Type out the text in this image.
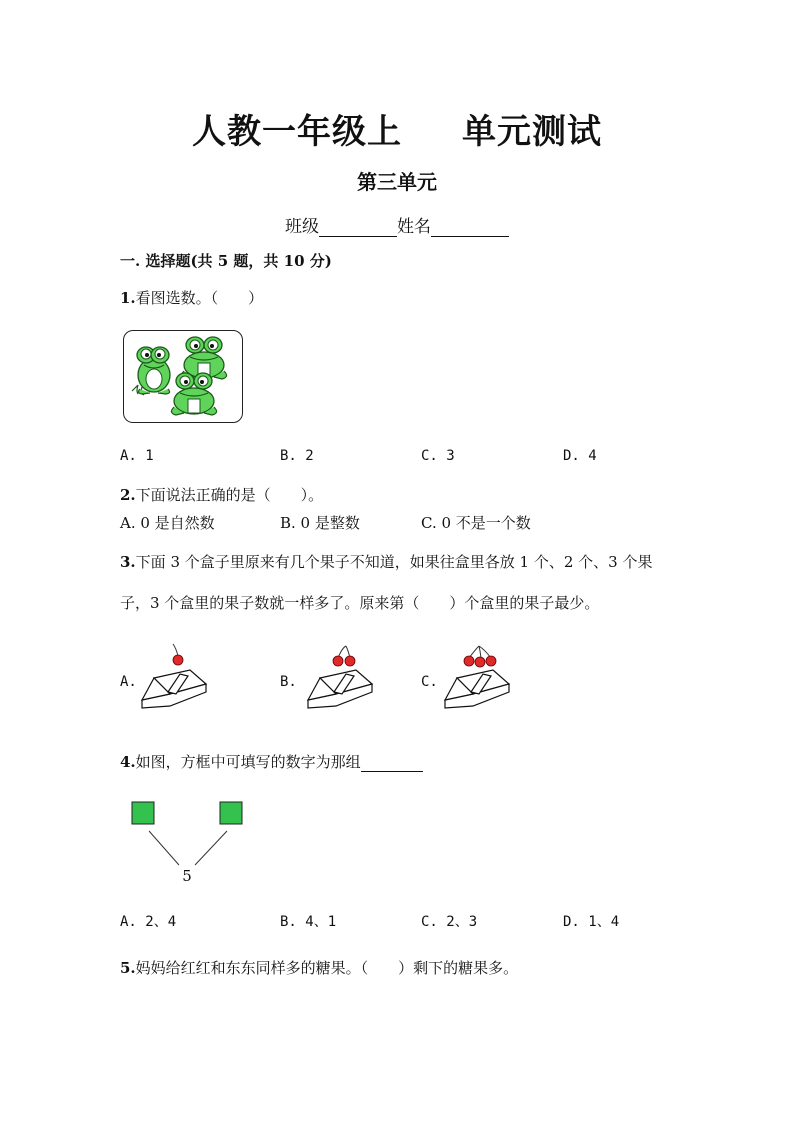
人教一年级上 单元测试
第三单元
班级	姓名
一. 选择题(共 5 题，共 10 分)
1.看图选数。（　　）
A. 1	B. 2	C. 3	D. 4
2.下面说法正确的是（　　）。
A. 0 是自然数	B. 0 是整数	C. 0 不是一个数
3.下面 3 个盒子里原来有几个果子不知道，如果往盒里各放 1 个、2 个、3 个果
子，3 个盒里的果子数就一样多了。原来第（　　）个盒里的果子最少。
A.	B.	C.
4.如图，方框中可填写的数字为那组
5
A. 2、4	B. 4、1	C. 2、3	D. 1、4
5.妈妈给红红和东东同样多的糖果。（　　）剩下的糖果多。
